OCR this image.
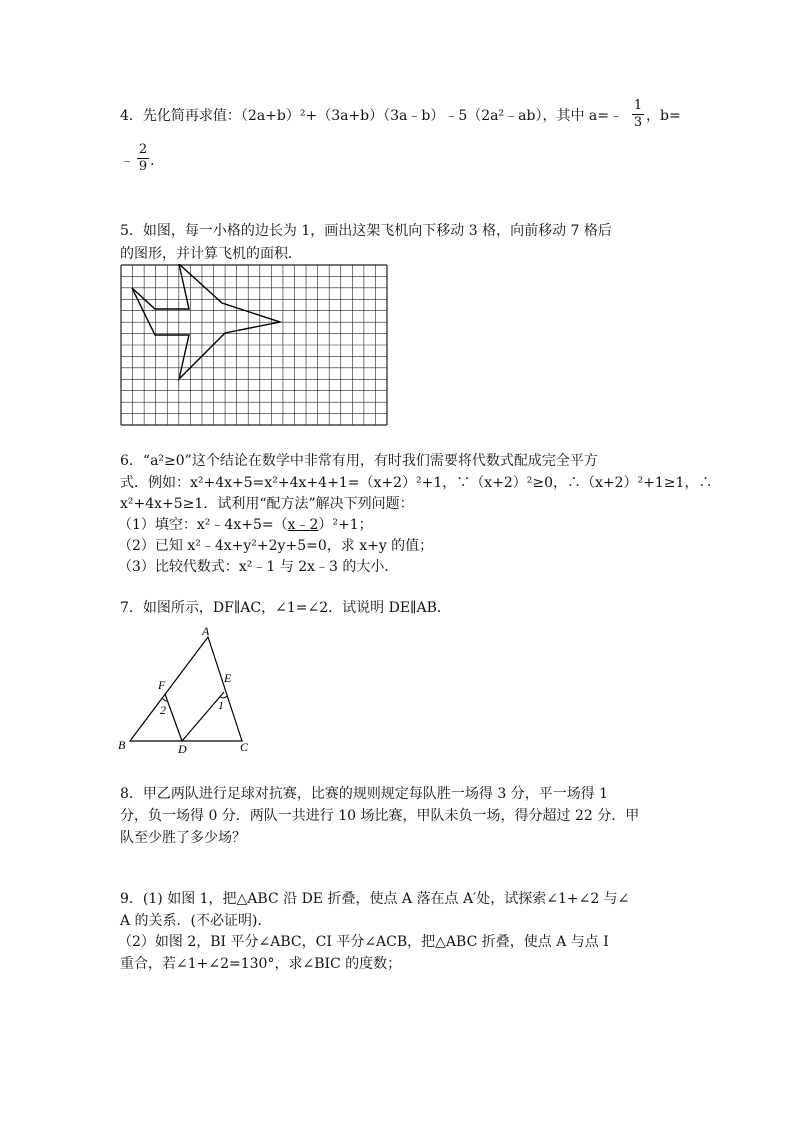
4．先化简再求值：（2a+b）²+（3a+b）（3a﹣b）﹣5（2a²﹣ab），其中 a=﹣
1
3 ，b=
﹣
2
9 .
5．如图，每一小格的边长为 1，画出这架飞机向下移动 3 格，向前移动 7 格后
的图形，并计算飞机的面积．
6．“a²≥0”这个结论在数学中非常有用，有时我们需要将代数式配成完全平方
式．例如：x²+4x+5=x²+4x+4+1=（x+2）²+1，∵（x+2）²≥0，∴（x+2）²+1≥1，∴
x²+4x+5≥1．试利用“配方法”解决下列问题：
（1）填空：x²﹣4x+5=（x﹣2）²+1；
（2）已知 x²﹣4x+y²+2y+5=0，求 x+y 的值；
（3）比较代数式：x²﹣1 与 2x﹣3 的大小．
7．如图所示，DF∥AC，∠1=∠2．试说明 DE∥AB．
A
F	E
2	1
B	D	C
8．甲乙两队进行足球对抗赛，比赛的规则规定每队胜一场得 3 分，平一场得 1
分，负一场得 0 分．两队一共进行 10 场比赛，甲队未负一场，得分超过 22 分．甲
队至少胜了多少场？
9．(1) 如图 1，把△ABC 沿 DE 折叠，使点 A 落在点 A′处，试探索∠1+∠2 与∠
A 的关系．(不必证明)．
（2）如图 2，BI 平分∠ABC，CI 平分∠ACB，把△ABC 折叠，使点 A 与点 I
重合，若∠1+∠2=130°，求∠BIC 的度数；
